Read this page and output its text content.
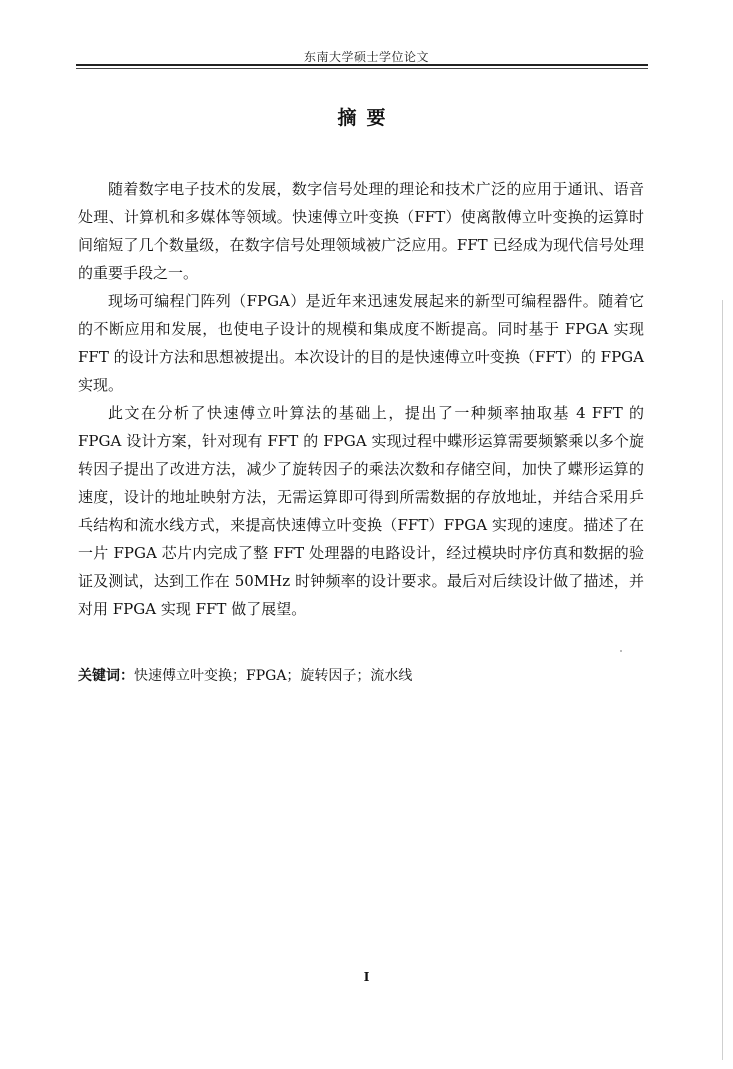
东南大学硕士学位论文
摘要

随着数字电子技术的发展，数字信号处理的理论和技术广泛的应用于通讯、语音处理、计算机和多媒体等领域。快速傅立叶变换（FFT）使离散傅立叶变换的运算时间缩短了几个数量级，在数字信号处理领域被广泛应用。FFT 已经成为现代信号处理的重要手段之一。

现场可编程门阵列（FPGA）是近年来迅速发展起来的新型可编程器件。随着它的不断应用和发展，也使电子设计的规模和集成度不断提高。同时基于 FPGA 实现 FFT 的设计方法和思想被提出。本次设计的目的是快速傅立叶变换（FFT）的 FPGA 实现。

此文在分析了快速傅立叶算法的基础上，提出了一种频率抽取基 4 FFT 的 FPGA 设计方案，针对现有 FFT 的 FPGA 实现过程中蝶形运算需要频繁乘以多个旋转因子提出了改进方法，减少了旋转因子的乘法次数和存储空间，加快了蝶形运算的速度，设计的地址映射方法，无需运算即可得到所需数据的存放地址，并结合采用乒乓结构和流水线方式，来提高快速傅立叶变换（FFT）FPGA 实现的速度。描述了在一片 FPGA 芯片内完成了整 FFT 处理器的电路设计，经过模块时序仿真和数据的验证及测试，达到工作在 50MHz 时钟频率的设计要求。最后对后续设计做了描述，并对用 FPGA 实现 FFT 做了展望。

关键词：快速傅立叶变换；FPGA；旋转因子；流水线
I
